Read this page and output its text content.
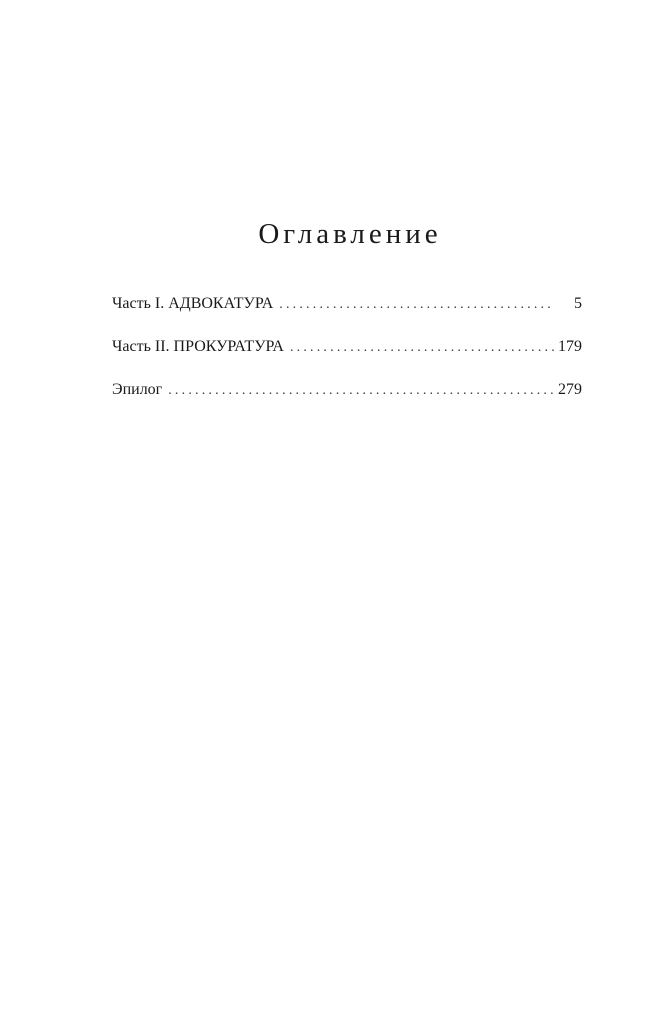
Оглавление
Часть I. АДВОКАТУРА .....	5
Часть II. ПРОКУРАТУРА .....	179
Эпилог .....	279
